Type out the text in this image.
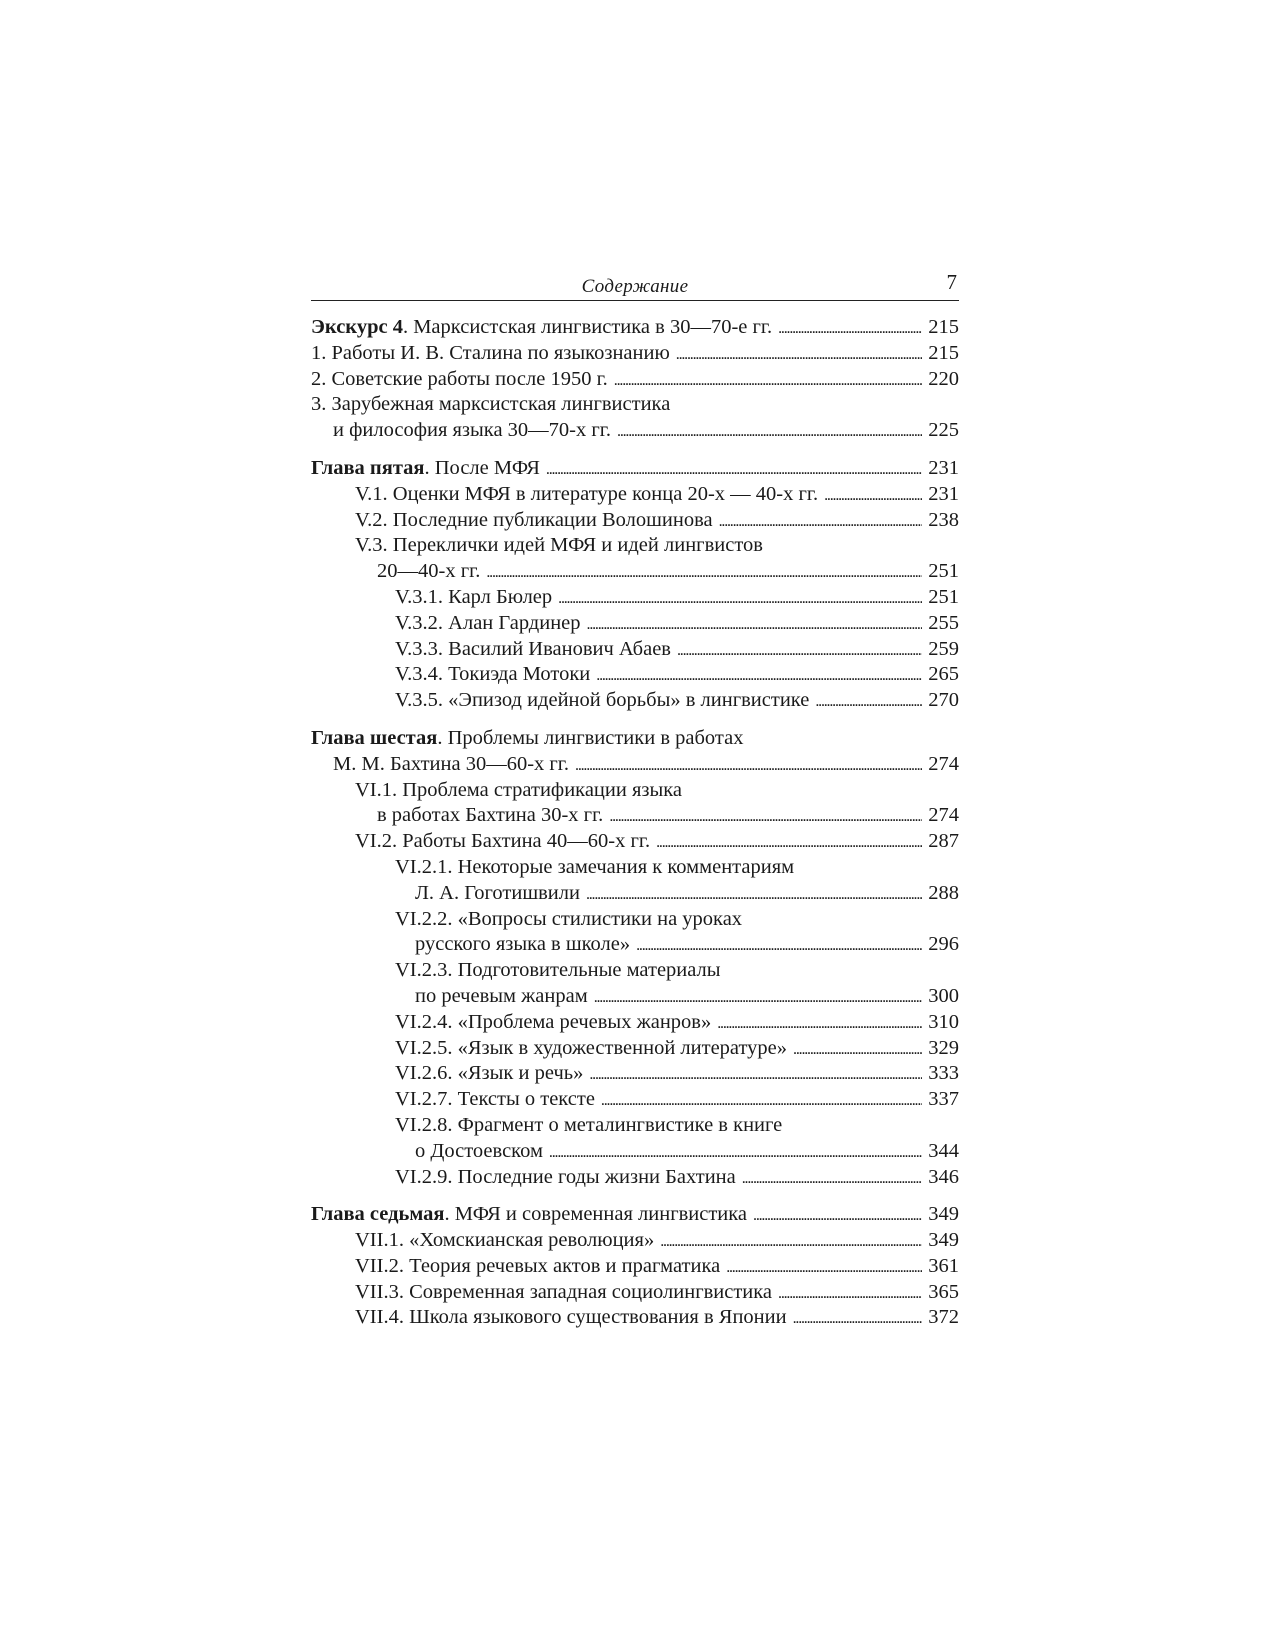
Содержание	7
Экскурс 4. Марксистская лингвистика в 30—70-е гг. . . .	215
1. Работы И. В. Сталина по языкознанию . . .	215
2. Советские работы после 1950 г. . . .	220
3. Зарубежная марксистская лингвистика
и философия языка 30—70-х гг. . . .	225
Глава пятая. После МФЯ . . .	231
V.1. Оценки МФЯ в литературе конца 20-х — 40-х гг. . . .	231
V.2. Последние публикации Волошинова . . .	238
V.3. Переклички идей МФЯ и идей лингвистов
20—40-х гг. . . .	251
V.3.1. Карл Бюлер . . .	251
V.3.2. Алан Гардинер . . .	255
V.3.3. Василий Иванович Абаев . . .	259
V.3.4. Токиэда Мотоки . . .	265
V.3.5. «Эпизод идейной борьбы» в лингвистике . . .	270
Глава шестая. Проблемы лингвистики в работах
М. М. Бахтина 30—60-х гг. . . .	274
VI.1. Проблема стратификации языка
в работах Бахтина 30-х гг. . . .	274
VI.2. Работы Бахтина 40—60-х гг. . . .	287
VI.2.1. Некоторые замечания к комментариям
Л. А. Гоготишвили . . .	288
VI.2.2. «Вопросы стилистики на уроках
русского языка в школе» . . .	296
VI.2.3. Подготовительные материалы
по речевым жанрам . . .	300
VI.2.4. «Проблема речевых жанров» . . .	310
VI.2.5. «Язык в художественной литературе» . . .	329
VI.2.6. «Язык и речь» . . .	333
VI.2.7. Тексты о тексте . . .	337
VI.2.8. Фрагмент о металингвистике в книге
о Достоевском . . .	344
VI.2.9. Последние годы жизни Бахтина . . .	346
Глава седьмая. МФЯ и современная лингвистика . . .	349
VII.1. «Хомскианская революция» . . .	349
VII.2. Теория речевых актов и прагматика . . .	361
VII.3. Современная западная социолингвистика . . .	365
VII.4. Школа языкового существования в Японии . . .	372
